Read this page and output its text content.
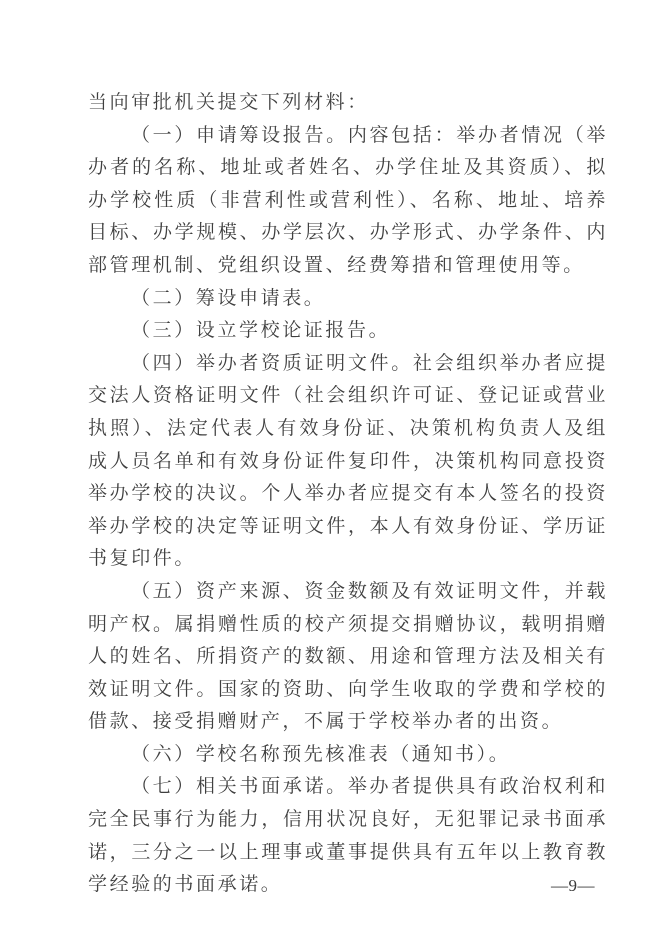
当向审批机关提交下列材料：

（一）申请筹设报告。内容包括：举办者情况（举办者的名称、地址或者姓名、办学住址及其资质）、拟办学校性质（非营利性或营利性）、名称、地址、培养目标、办学规模、办学层次、办学形式、办学条件、内部管理机制、党组织设置、经费筹措和管理使用等。

（二）筹设申请表。

（三）设立学校论证报告。

（四）举办者资质证明文件。社会组织举办者应提交法人资格证明文件（社会组织许可证、登记证或营业执照）、法定代表人有效身份证、决策机构负责人及组成人员名单和有效身份证件复印件，决策机构同意投资举办学校的决议。个人举办者应提交有本人签名的投资举办学校的决定等证明文件，本人有效身份证、学历证书复印件。

（五）资产来源、资金数额及有效证明文件，并载明产权。属捐赠性质的校产须提交捐赠协议，载明捐赠人的姓名、所捐资产的数额、用途和管理方法及相关有效证明文件。国家的资助、向学生收取的学费和学校的借款、接受捐赠财产，不属于学校举办者的出资。

（六）学校名称预先核准表（通知书）。

（七）相关书面承诺。举办者提供具有政治权利和完全民事行为能力，信用状况良好，无犯罪记录书面承诺，三分之一以上理事或董事提供具有五年以上教育教学经验的书面承诺。	—9—
